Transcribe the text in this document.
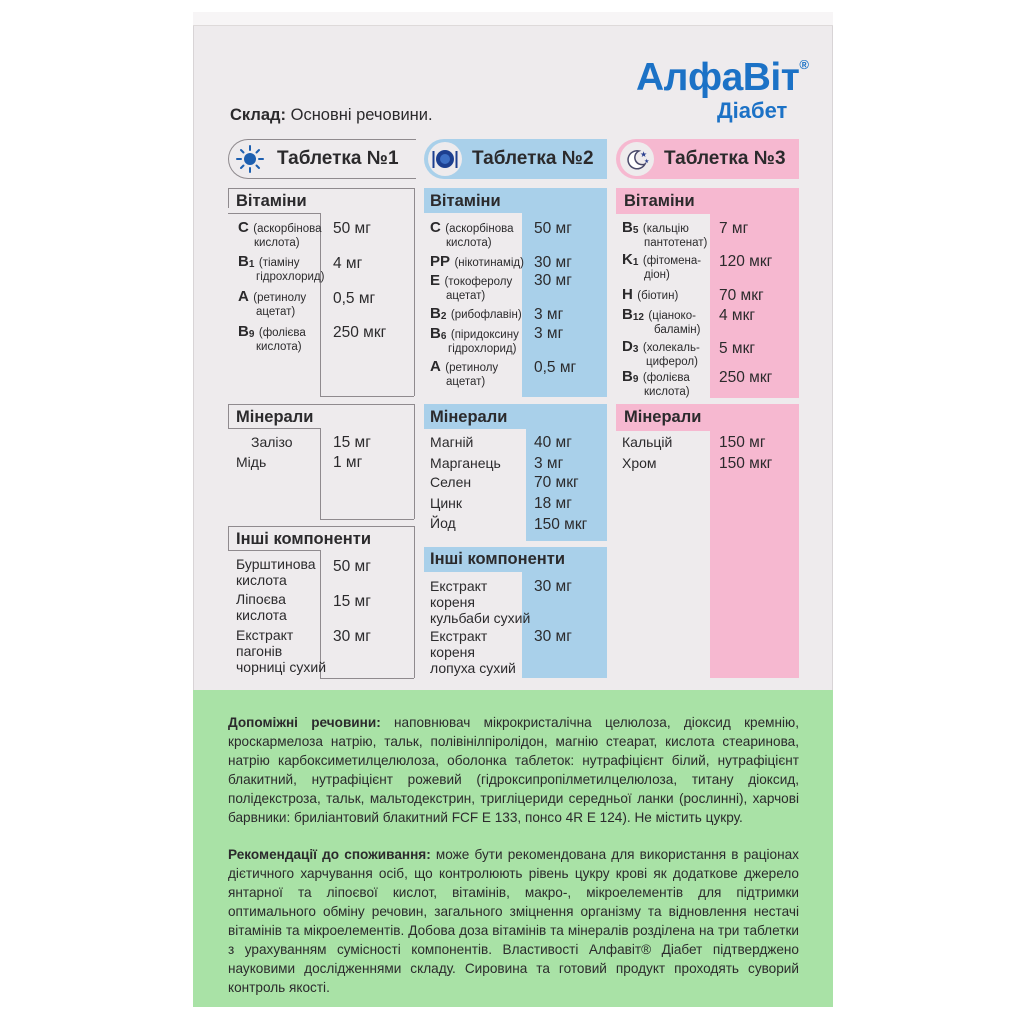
АлфаВіт®
Діабет
Склад: Основні речовини.
Таблетка №1	Таблетка №2	★
★ Таблетка №3
Вітаміни
C (аскорбінова
кислота)
50 мг
$B_1$ (тіаміну
гідрохлорид)
4 мг
A (ретинолу
ацетат)
0,5 мг
$B_9$ (фолієва
кислота)
250 мкг
Мінерали
Залізо	15 мг
Мідь	1 мг
Інші компоненти
Бурштинова
кислота
50 мг
Ліпоєва
кислота
15 мг
Екстракт
пагонів
чорниці сухий
30 мг
Вітаміни
C (аскорбінова
кислота)
50 мг
PP (нікотинамід) 30 мг
E (токоферолу
ацетат)
30 мг
$B_2$ (рибофлавін) 3 мг
$B_6$ (піридоксину
гідрохлорид)
3 мг
A (ретинолу
ацетат)
0,5 мг
Мінерали
Магній	40 мг
Марганець 3 мг
Селен	70 мкг
Цинк	18 мг
Йод	150 мкг
Інші компоненти
Екстракт
кореня
кульбаби сухий
30 мг
Екстракт
кореня
лопуха сухий
30 мг
Вітаміни
$B_5$ (кальцію
пантотенат)
7 мг
$K_1$ (фітомена-
діон)
120 мкг
H (біотин)	70 мкг
$B_{12}$ (ціаноко-
баламін)
4 мкг
$D_3$ (холекаль-
циферол)
5 мкг
$B_9$ (фолієва
кислота)
250 мкг
Мінерали
Кальцій	150 мг
Хром	150 мкг
Допоміжні речовини: наповнювач мікрокристалічна целюлоза, діоксид кремнію, кроскармелоза натрію, тальк, полівінілпіролідон, магнію стеарат, кислота стеаринова, натрію карбоксиметилцелюлоза, оболонка таблеток: нутрафіцієнт білий, нутрафіцієнт блакитний, нутрафіцієнт рожевий (гідроксипропілметилцелюлоза, титану діоксид, полідекстроза, тальк, мальтодекстрин, тригліцериди середньої ланки (рослинні), харчові барвники: бриліантовий блакитний FCF E 133, понсо 4R E 124). Не містить цукру.
Рекомендації до споживання: може бути рекомендована для використання в раціонах дієтичного харчування осіб, що контролюють рівень цукру крові як додаткове джерело янтарної та ліпоєвої кислот, вітамінів, макро-, мікроелементів для підтримки оптимального обміну речовин, загального зміцнення організму та відновлення нестачі вітамінів та мікроелементів. Добова доза вітамінів та мінералів розділена на три таблетки з урахуванням сумісності компонентів. Властивості Алфавіт® Діабет підтверджено науковими дослідженнями складу. Сировина та готовий продукт проходять суворий контроль якості.
